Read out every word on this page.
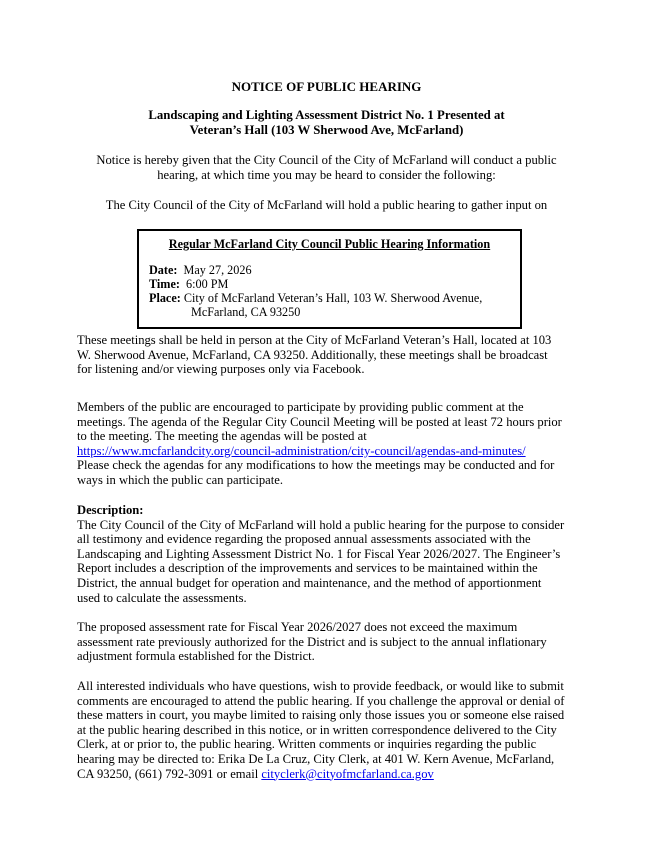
NOTICE OF PUBLIC HEARING
Landscaping and Lighting Assessment District No. 1 Presented at
Veteran’s Hall (103 W Sherwood Ave, McFarland)
Notice is hereby given that the City Council of the City of McFarland will conduct a public
hearing, at which time you may be heard to consider the following:
The City Council of the City of McFarland will hold a public hearing to gather input on
Regular McFarland City Council Public Hearing Information
Date: May 27, 2026
Time: 6:00 PM
Place: City of McFarland Veteran’s Hall, 103 W. Sherwood Avenue,
McFarland, CA 93250
These meetings shall be held in person at the City of McFarland Veteran’s Hall, located at 103
W. Sherwood Avenue, McFarland, CA 93250. Additionally, these meetings shall be broadcast
for listening and/or viewing purposes only via Facebook.
Members of the public are encouraged to participate by providing public comment at the
meetings. The agenda of the Regular City Council Meeting will be posted at least 72 hours prior
to the meeting. The meeting the agendas will be posted at
https://www.mcfarlandcity.org/council-administration/city-council/agendas-and-minutes/
Please check the agendas for any modifications to how the meetings may be conducted and for
ways in which the public can participate.
Description:
The City Council of the City of McFarland will hold a public hearing for the purpose to consider
all testimony and evidence regarding the proposed annual assessments associated with the
Landscaping and Lighting Assessment District No. 1 for Fiscal Year 2026/2027. The Engineer’s
Report includes a description of the improvements and services to be maintained within the
District, the annual budget for operation and maintenance, and the method of apportionment
used to calculate the assessments.
The proposed assessment rate for Fiscal Year 2026/2027 does not exceed the maximum
assessment rate previously authorized for the District and is subject to the annual inflationary
adjustment formula established for the District.
All interested individuals who have questions, wish to provide feedback, or would like to submit
comments are encouraged to attend the public hearing. If you challenge the approval or denial of
these matters in court, you maybe limited to raising only those issues you or someone else raised
at the public hearing described in this notice, or in written correspondence delivered to the City
Clerk, at or prior to, the public hearing. Written comments or inquiries regarding the public
hearing may be directed to: Erika De La Cruz, City Clerk, at 401 W. Kern Avenue, McFarland,
CA 93250, (661) 792-3091 or email cityclerk@cityofmcfarland.ca.gov
